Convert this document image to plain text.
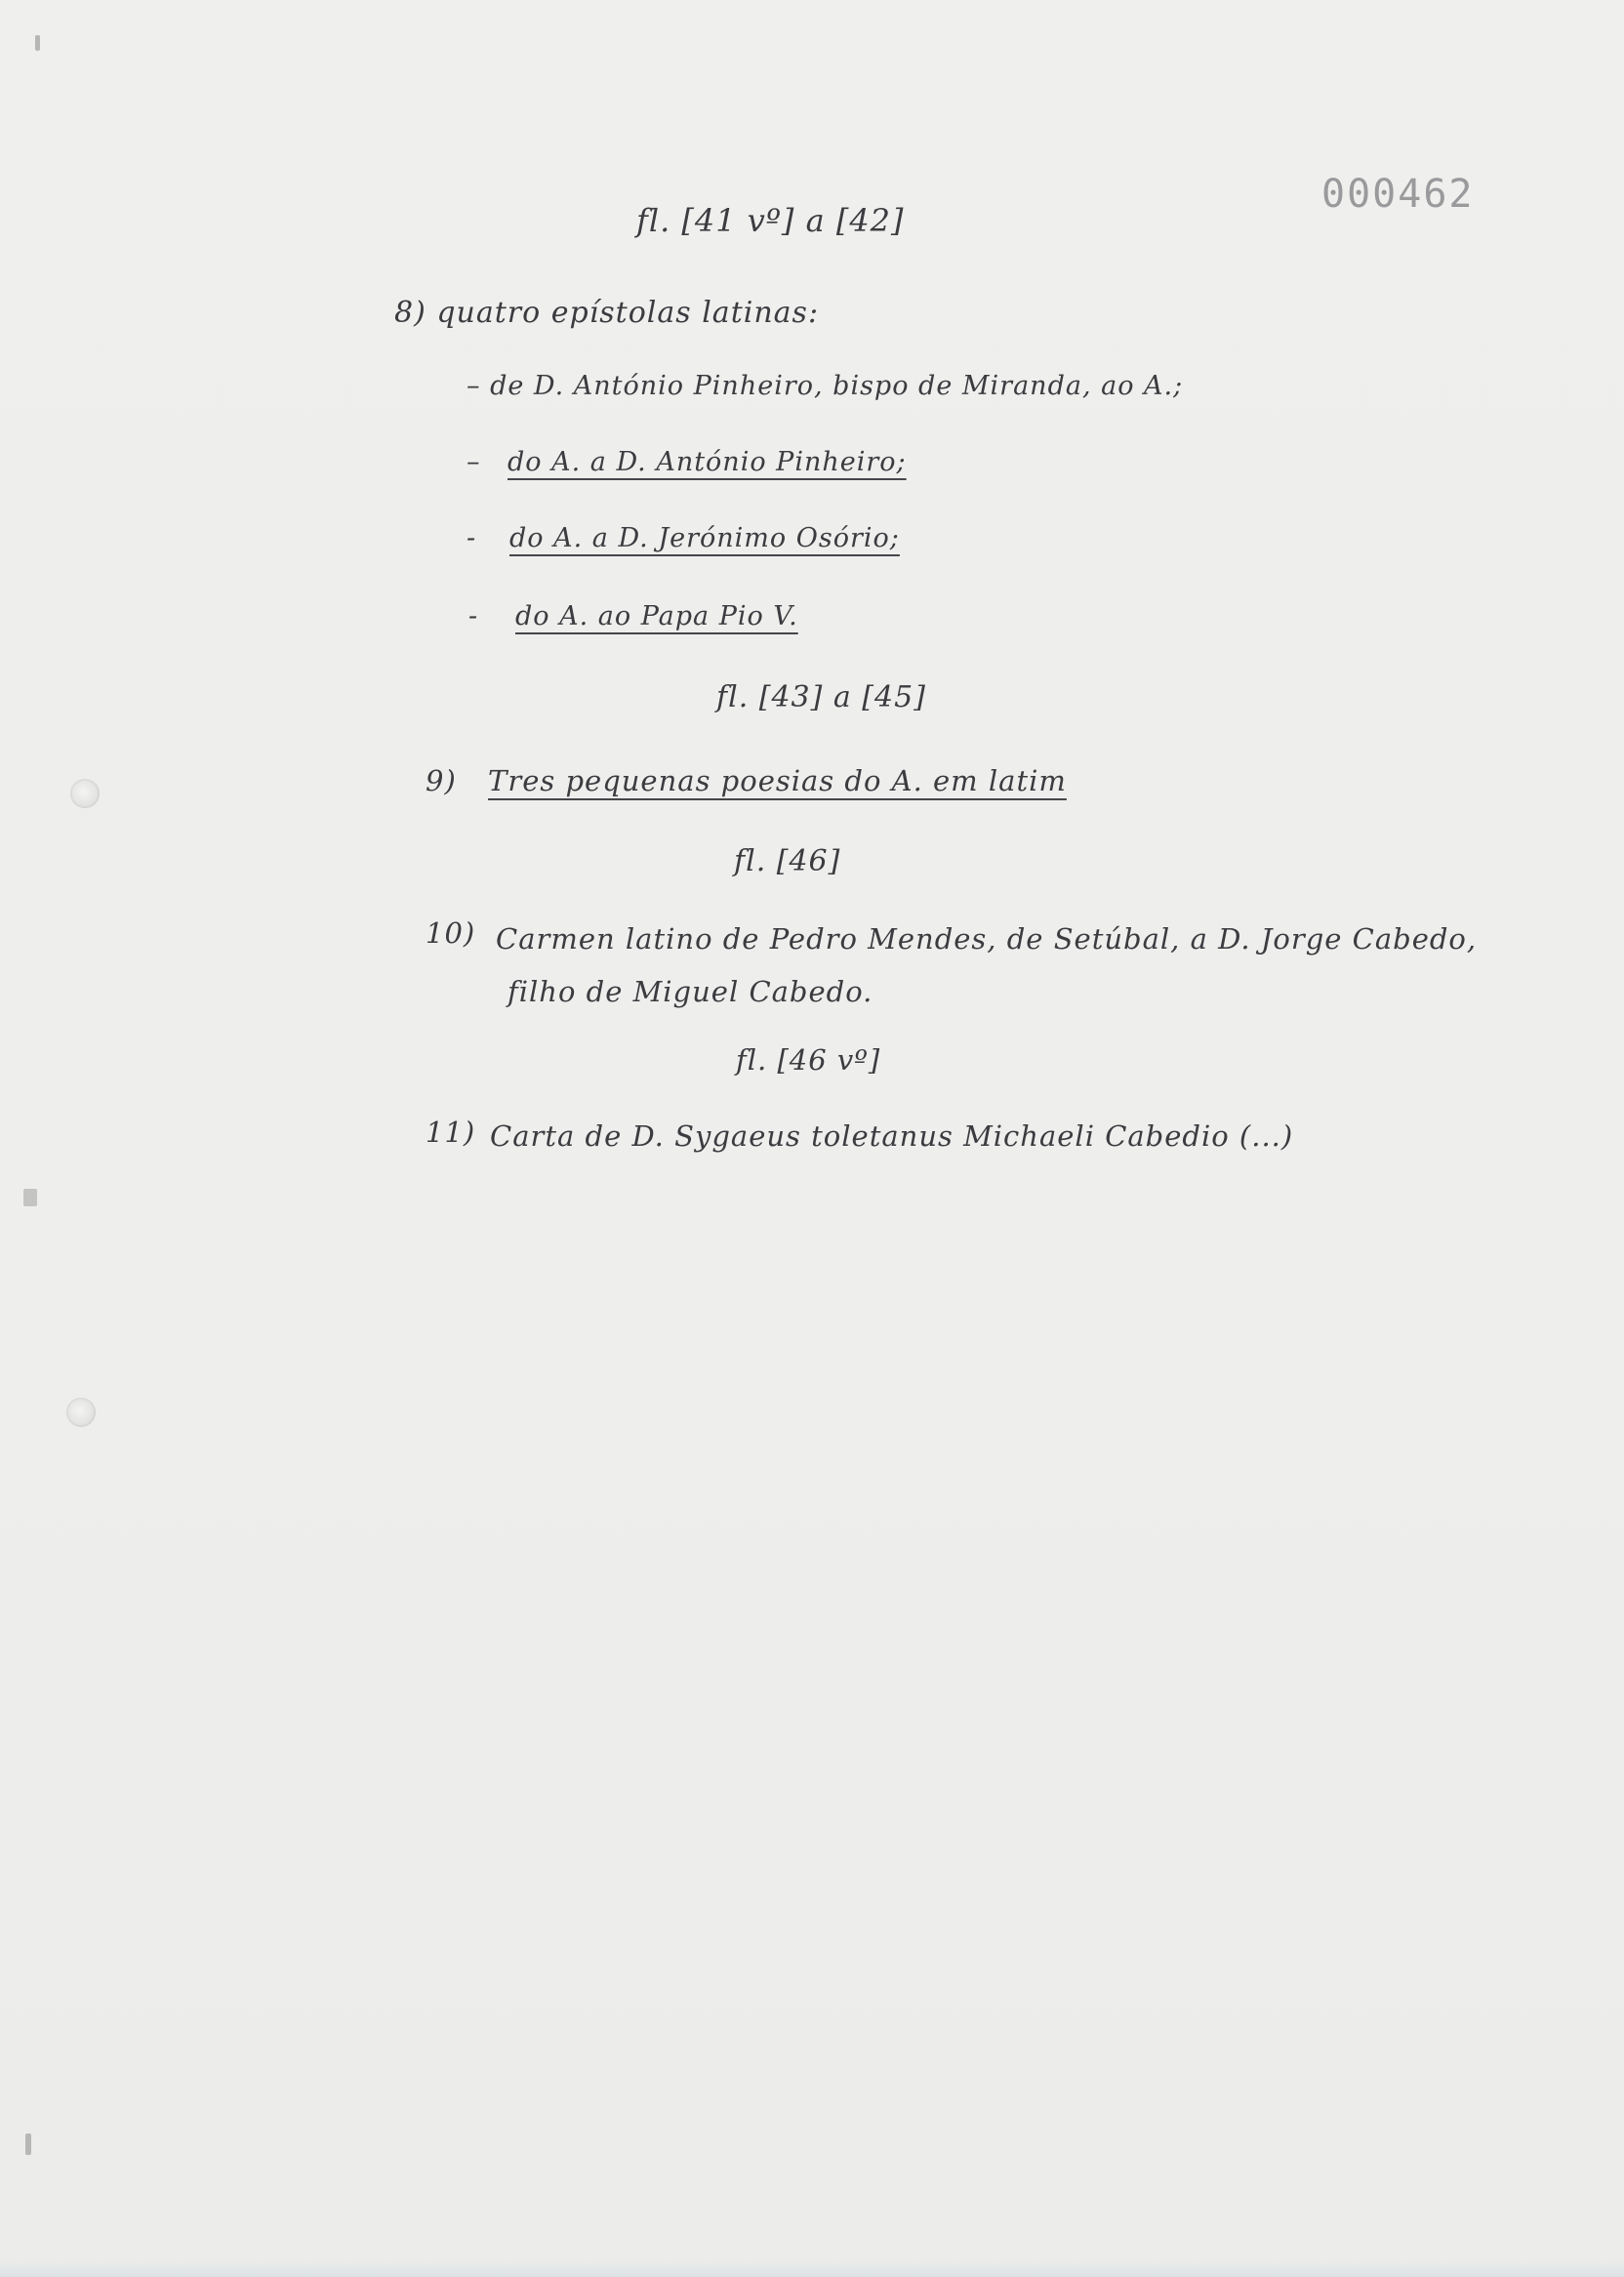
000462
fl. [41 vº] a [42]
8) quatro epístolas latinas:
– de D. António Pinheiro, bispo de Miranda, ao A.;
– do A. a D. António Pinheiro;
- do A. a D. Jerónimo Osório;
- do A. ao Papa Pio V.
fl. [43] a [45]
9) Tres pequenas poesias do A. em latim
fl. [46]
10) Carmen latino de Pedro Mendes, de Setúbal, a D. Jorge Cabedo,
filho de Miguel Cabedo.
fl. [46 vº]
11) Carta de D. Sygaeus toletanus Michaeli Cabedio (...)
